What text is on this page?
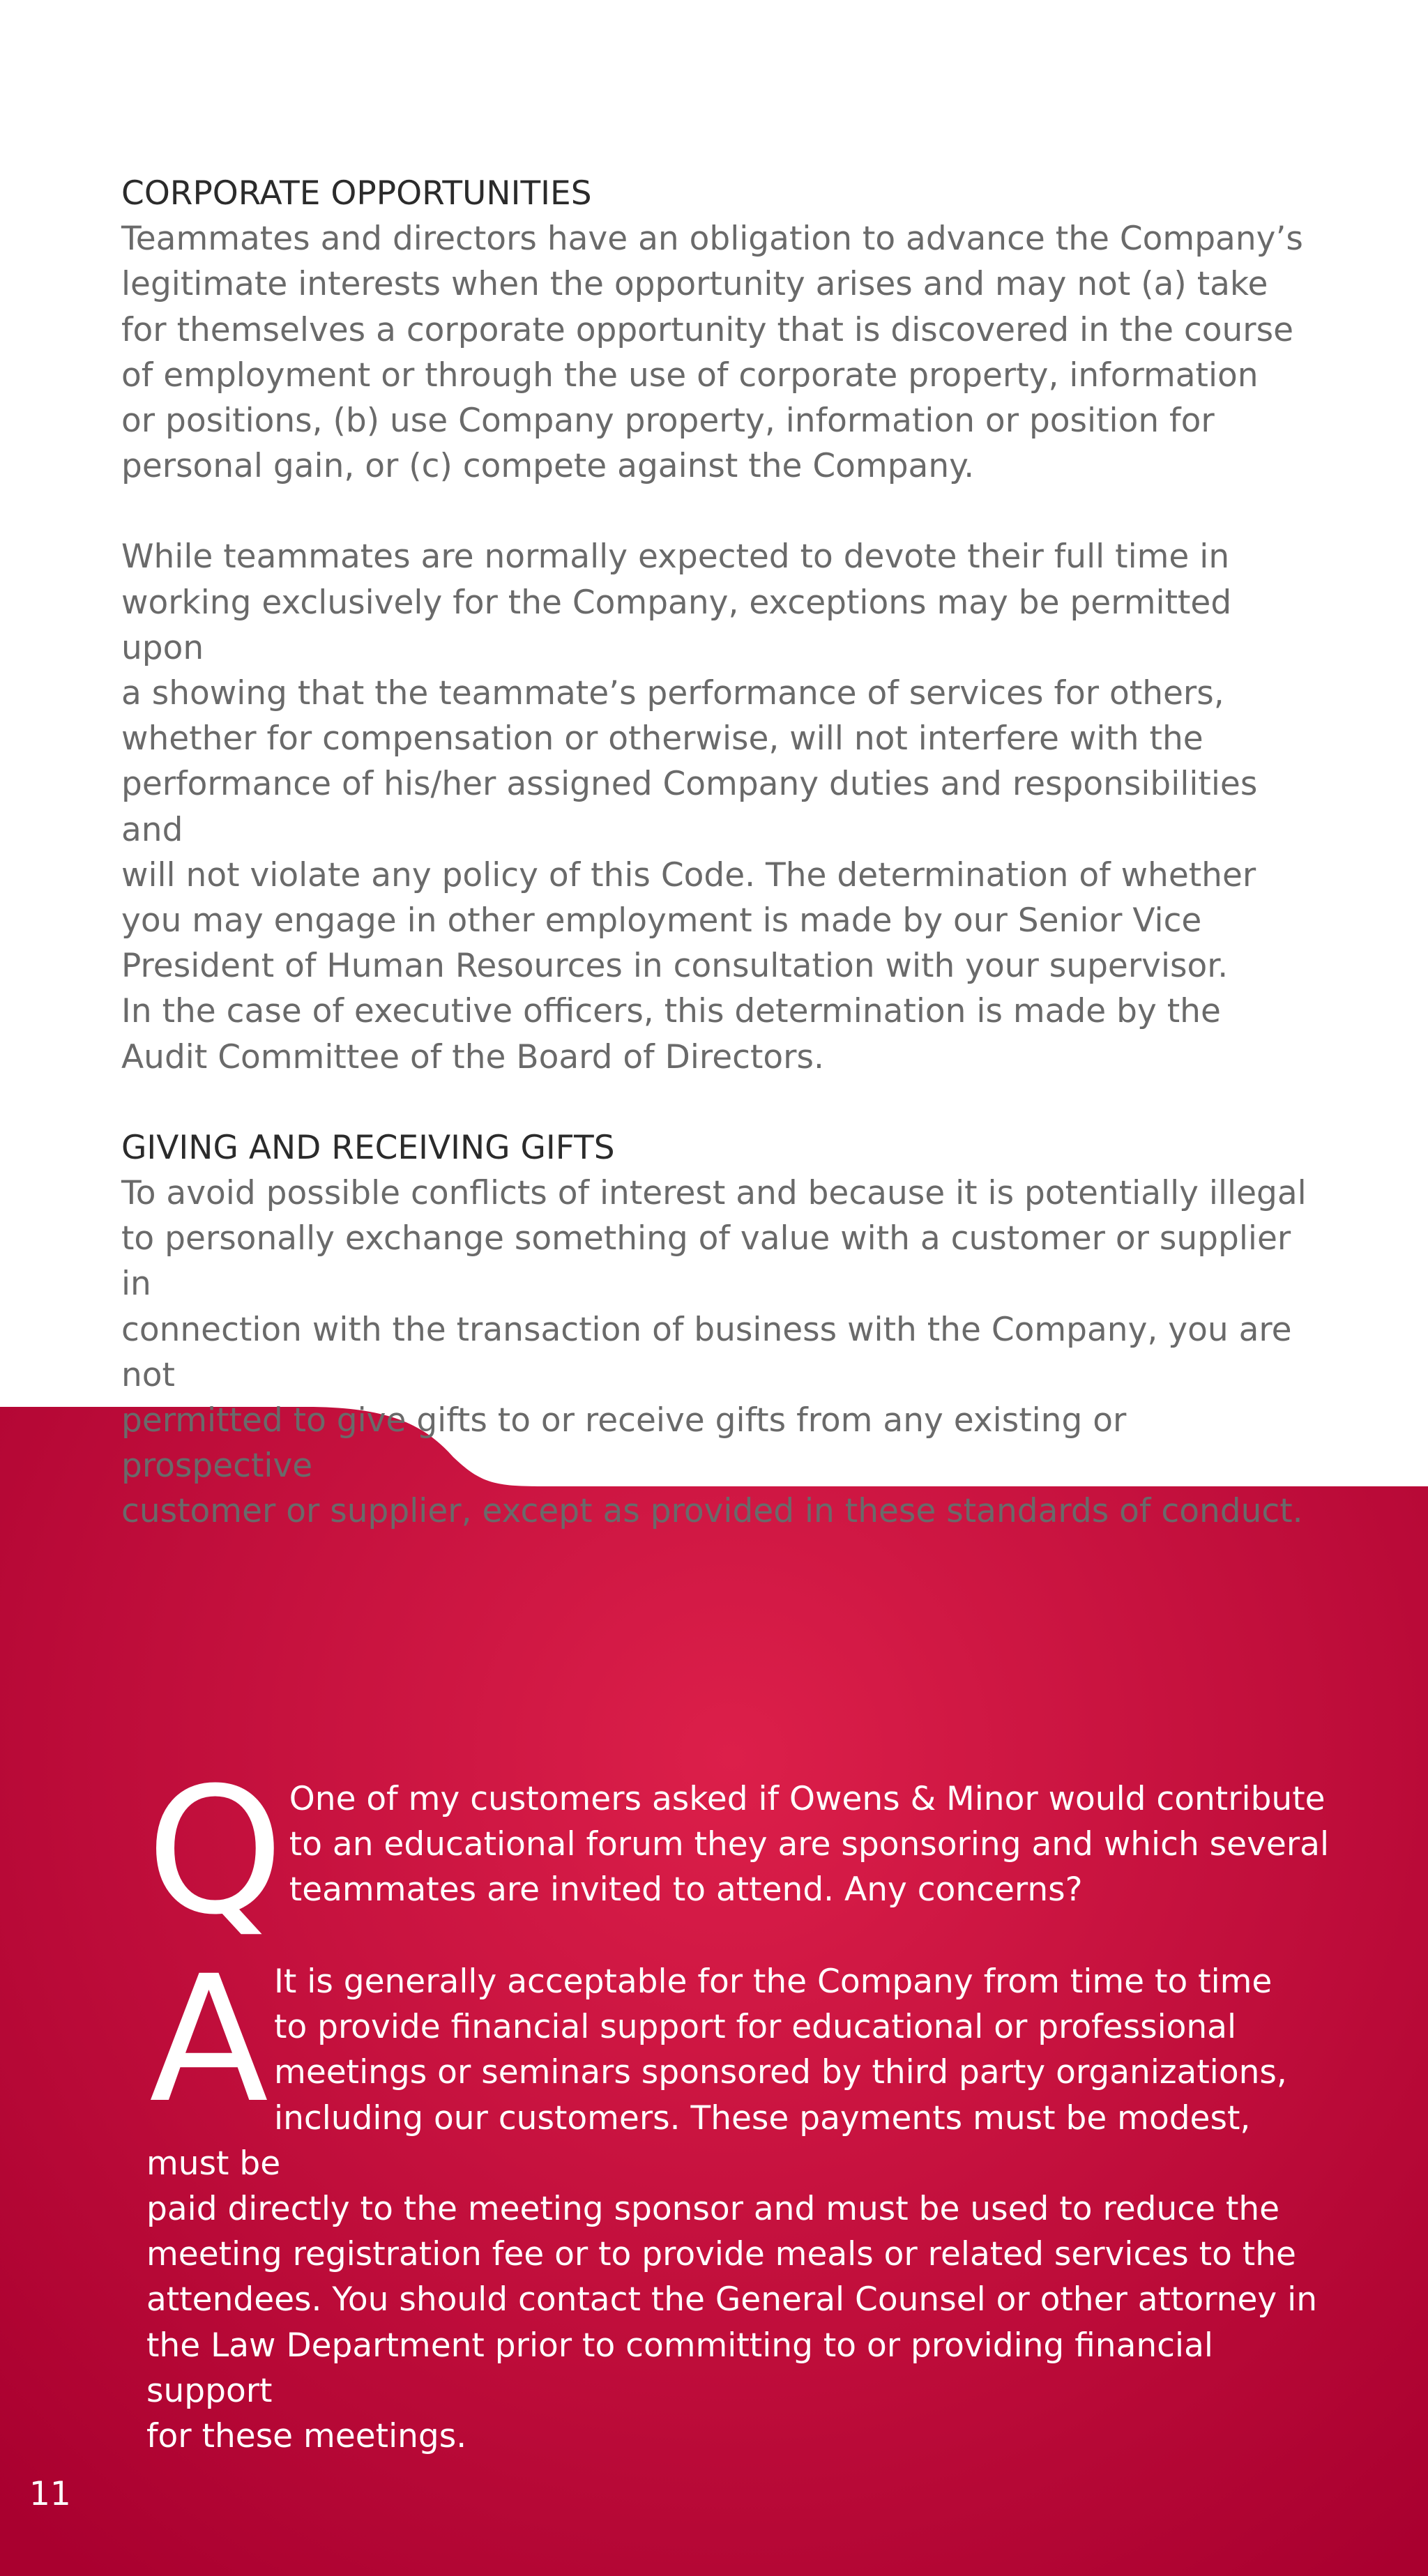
CORPORATE OPPORTUNITIES

Teammates and directors have an obligation to advance the Company’s
legitimate interests when the opportunity arises and may not (a) take
for themselves a corporate opportunity that is discovered in the course
of employment or through the use of corporate property, information
or positions, (b) use Company property, information or position for
personal gain, or (c) compete against the Company.

While teammates are normally expected to devote their full time in
working exclusively for the Company, exceptions may be permitted upon
a showing that the teammate’s performance of services for others,
whether for compensation or otherwise, will not interfere with the
performance of his/her assigned Company duties and responsibilities and
will not violate any policy of this Code. The determination of whether
you may engage in other employment is made by our Senior Vice
President of Human Resources in consultation with your supervisor.
In the case of executive officers, this determination is made by the
Audit Committee of the Board of Directors.

GIVING AND RECEIVING GIFTS

To avoid possible conflicts of interest and because it is potentially illegal
to personally exchange something of value with a customer or supplier in
connection with the transaction of business with the Company, you are not
permitted to give gifts to or receive gifts from any existing or prospective
customer or supplier, except as provided in these standards of conduct.

Q One of my customers asked if Owens & Minor would contribute
to an educational forum they are sponsoring and which several
teammates are invited to attend. Any concerns?

A It is generally acceptable for the Company from time to time
to provide financial support for educational or professional
meetings or seminars sponsored by third party organizations,
including our customers. These payments must be modest, must be
paid directly to the meeting sponsor and must be used to reduce the
meeting registration fee or to provide meals or related services to the
attendees. You should contact the General Counsel or other attorney in
the Law Department prior to committing to or providing financial support
for these meetings.

11
